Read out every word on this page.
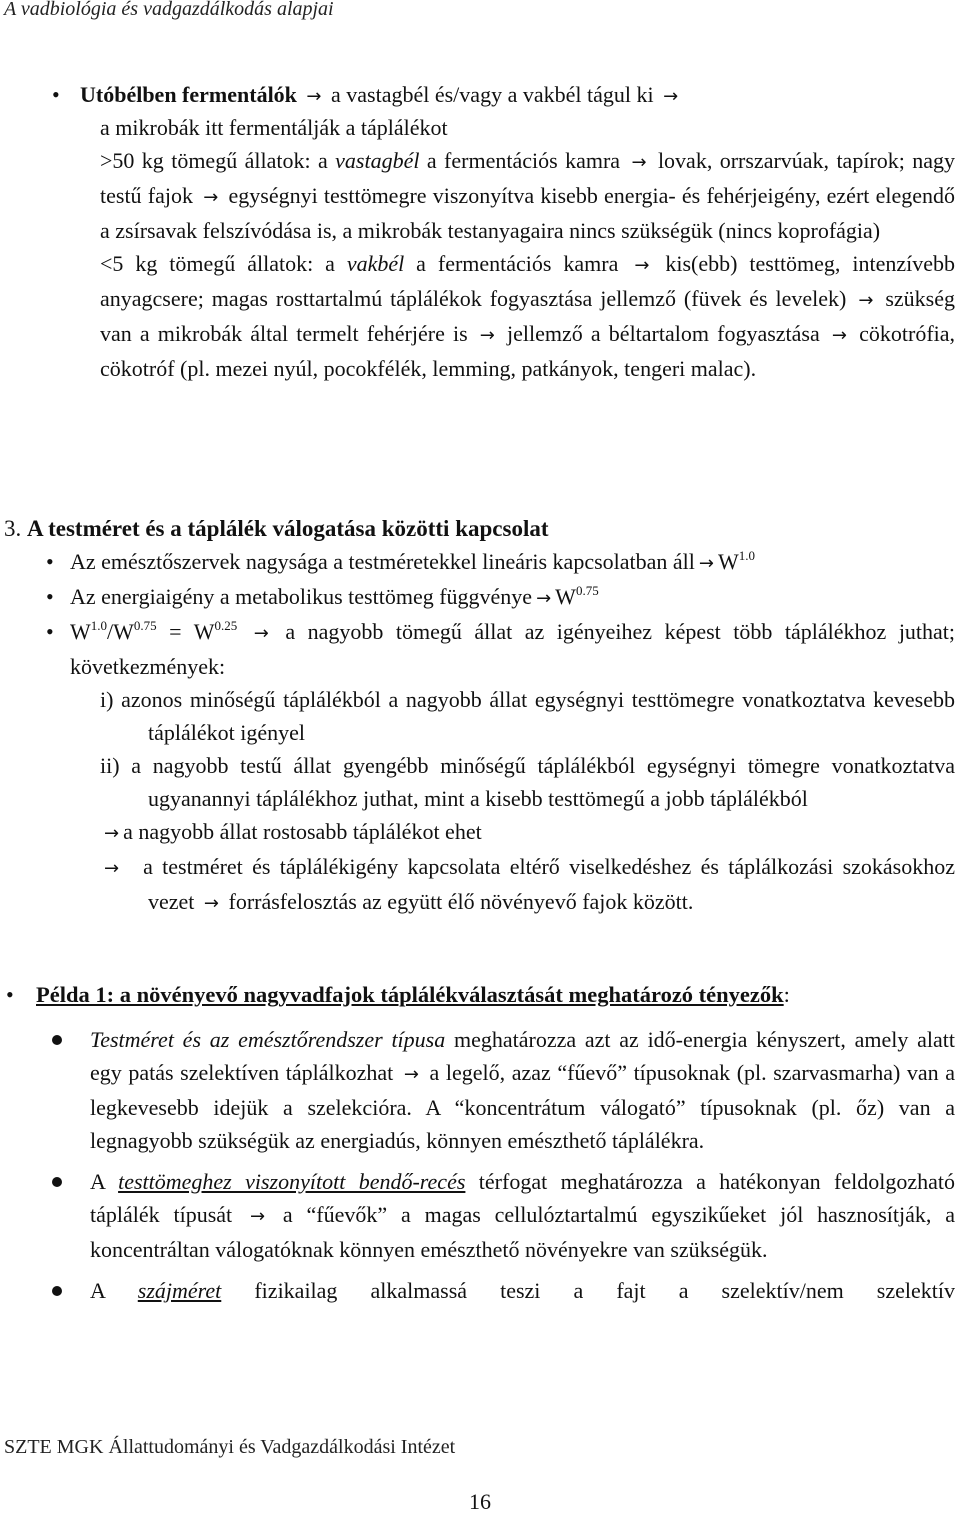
A vadbiológia és vadgazdálkodás alapjai
• Utóbélben fermentálók → a vastagbél és/vagy a vakbél tágul ki →

a mikrobák itt fermentálják a táplálékot

>50 kg tömegű állatok: a vastagbél a fermentációs kamra → lovak, orrszarvúak, tapírok; nagy testű fajok → egységnyi testtömegre viszonyítva kisebb energia- és fehérjeigény, ezért elegendő a zsírsavak felszívódása is, a mikrobák testanyagaira nincs szükségük (nincs koprofágia)

<5 kg tömegű állatok: a vakbél a fermentációs kamra → kis(ebb) testtömeg, intenzívebb anyagcsere; magas rosttartalmú táplálékok fogyasztása jellemző (füvek és levelek) → szükség van a mikrobák által termelt fehérjére is → jellemző a béltartalom fogyasztása → cökotrófia, cökotróf (pl. mezei nyúl, pocokfélék, lemming, patkányok, tengeri malac).

3. A testméret és a táplálék válogatása közötti kapcsolat

• Az emésztőszervek nagysága a testméretekkel lineáris kapcsolatban áll → $W^{1.0}$

• Az energiaigény a metabolikus testtömeg függvénye → $W^{0.75}$

• $W^{1.0}/W^{0.75} = W^{0.25} \to a$ nagyobb tömegű állat az igényeihez képest több táplálékhoz juthat; következmények:

i) azonos minőségű táplálékból a nagyobb állat egységnyi testtömegre vonatkoztatva kevesebb táplálékot igényel

ii) a nagyobb testű állat gyengébb minőségű táplálékból egységnyi tömegre vonatkoztatva ugyanannyi táplálékhoz juthat, mint a kisebb testtömegű a jobb táplálékból

→ a nagyobb állat rostosabb táplálékot ehet

→ a testméret és táplálékigény kapcsolata eltérő viselkedéshez és táplálkozási szokásokhoz vezet → forrásfelosztás az együtt élő növényevő fajok között.

• Példa 1: a növényevő nagyvadfajok táplálékválasztását meghatározó tényezők:

Testméret és az emésztőrendszer típusa meghatározza azt az idő-energia kényszert, amely alatt egy patás szelektíven táplálkozhat → a legelő, azaz “fűevő” típusoknak (pl. szarvasmarha) van a legkevesebb idejük a szelekcióra. A “koncentrátum válogató” típusoknak (pl. őz) van a legnagyobb szükségük az energiadús, könnyen emészthető táplálékra.

A testtömeghez viszonyított bendő-recés térfogat meghatározza a hatékonyan feldolgozható táplálék típusát → a “fűevők” a magas cellulóztartalmú egyszikűeket jól hasznosítják, a koncentráltan válogatóknak könnyen emészthető növényekre van szükségük.

A szájméret fizikailag alkalmassá teszi a fajt a szelektív/nem szelektív

SZTE MGK Állattudományi és Vadgazdálkodási Intézet
16
